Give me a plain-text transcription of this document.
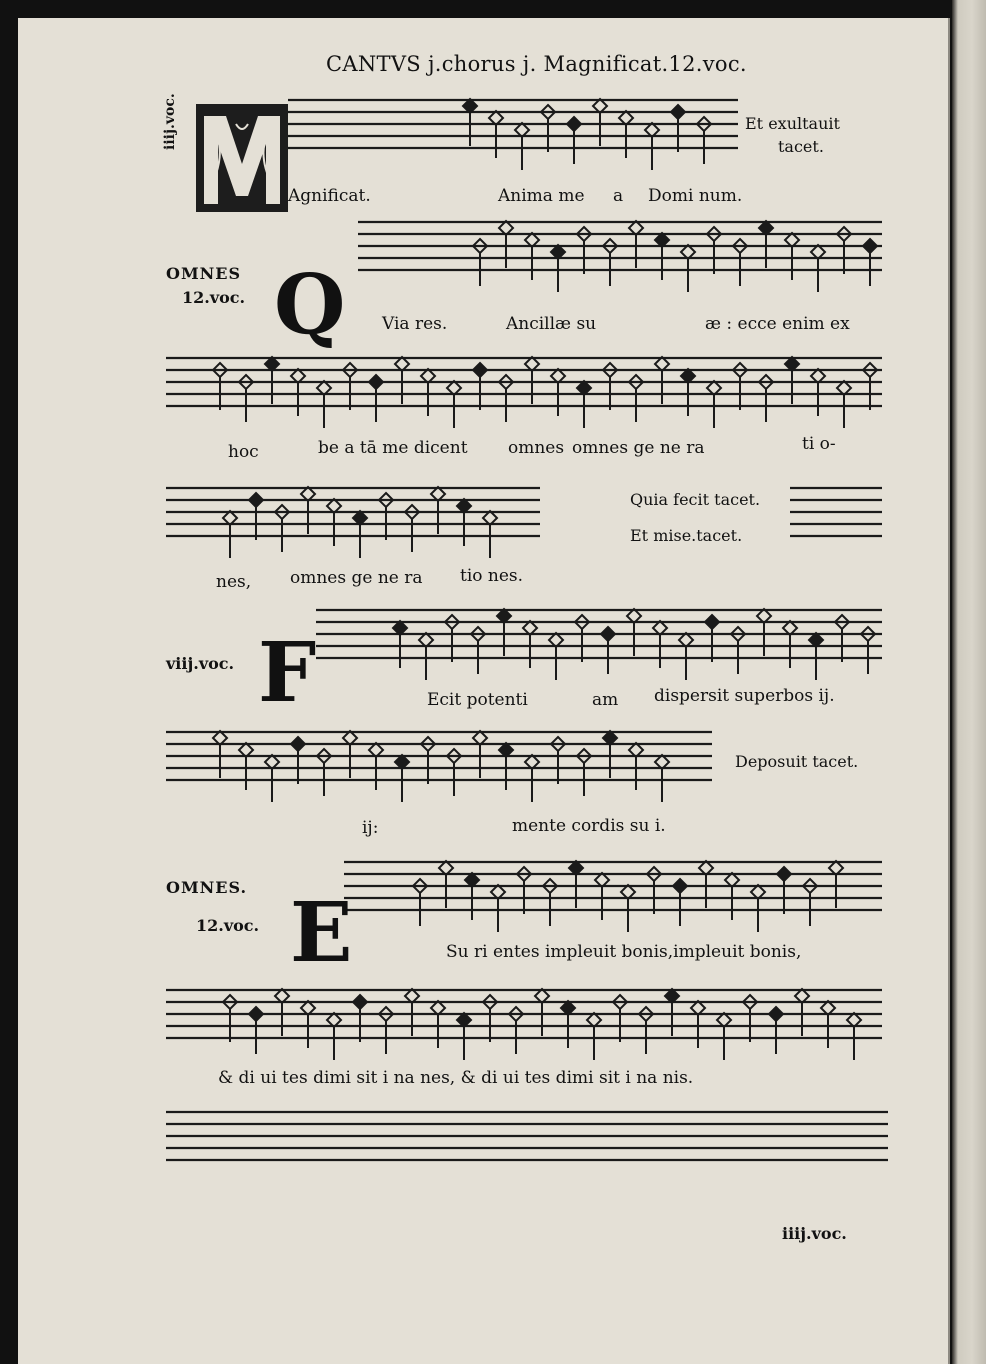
CANTVS j.chorus j. Magnificat.12.voc.
iiij.voc.
Agnificat.	Anima me a Domi num.
Et exultauit
tacet.
OMNES
12.voc. Q Via res.	Ancillæ su	æ : ecce enim ex
hoc	be a tā me dicent omnes omnes ge ne ra	ti o-
nes, omnes ge ne ra tio nes.
Quia fecit tacet.
Et mise.tacet.
viij.voc. F	Ecit potenti	am dispersit superbos ij.
ij:	mente cordis su i.
Deposuit tacet.
OMNES.
12.voc. E	Su ri entes impleuit bonis,impleuit bonis,
& di ui tes dimi sit i na nes, & di ui tes dimi sit i na nis.
iiij.voc.
